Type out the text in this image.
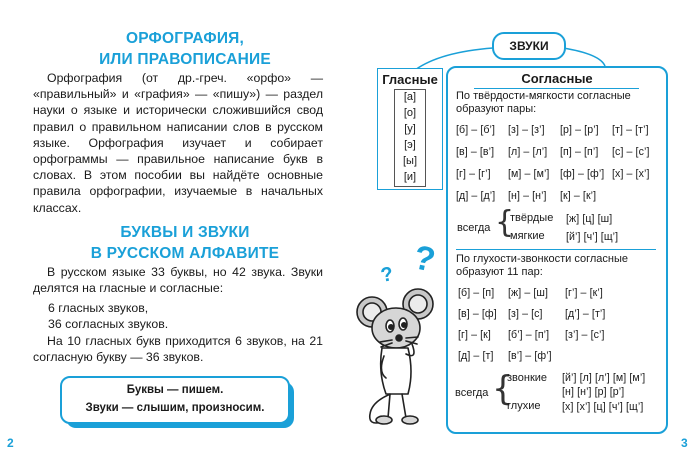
ОРФОГРАФИЯ,
ИЛИ ПРАВОПИСАНИЕ
Орфография (от др.-греч. «орфо» — «правильный» и «графия» — «пишу») — раздел науки о языке и исторически сложившийся свод правил о правильном написании слов в русском языке. Орфография изучает и собирает орфограммы — правильное написание букв в словах. В этом пособии вы найдёте основные правила орфографии, изучаемые в начальных классах.
БУКВЫ И ЗВУКИ
В РУССКОМ АЛФАВИТЕ
В русском языке 33 буквы, но 42 звука. Звуки делятся на гласные и согласные:
6 гласных звуков,
36 согласных звуков.
На 10 гласных букв приходится 6 звуков, на 21 согласную букву — 36 звуков.
Буквы — пишем.
Звуки — слышим, произносим.
2
ЗВУКИ
Гласные
[а]
[о]
[у]
[э]
[ы]
[и]
Согласные
По твёрдости-мягкости согласные
образуют пары:
[б] – [б’] [з] – [з’] [р] – [р’] [т] – [т’]
[в] – [в’] [л] – [л’] [п] – [п’] [с] – [с’]
[г] – [г’] [м] – [м’] [ф] – [ф’] [х] – [х’]
[д] – [д’] [н] – [н’] [к] – [к’]
всегда {
твёрдые [ж] [ц] [ш]
мягкие [й’] [ч’] [щ’]
По глухости-звонкости согласные
образуют 11 пар:
[б] – [п] [ж] – [ш] [г’] – [к’]
[в] – [ф] [з] – [с] [д’] – [т’]
[г] – [к] [б’] – [п’] [з’] – [с’]
[д] – [т] [в’] – [ф’]
всегда {
звонкие [й’] [л] [л’] [м] [м’]
[н] [н’] [р] [р’]
глухие [х] [х’] [ц] [ч’] [щ’]
?
?
3
